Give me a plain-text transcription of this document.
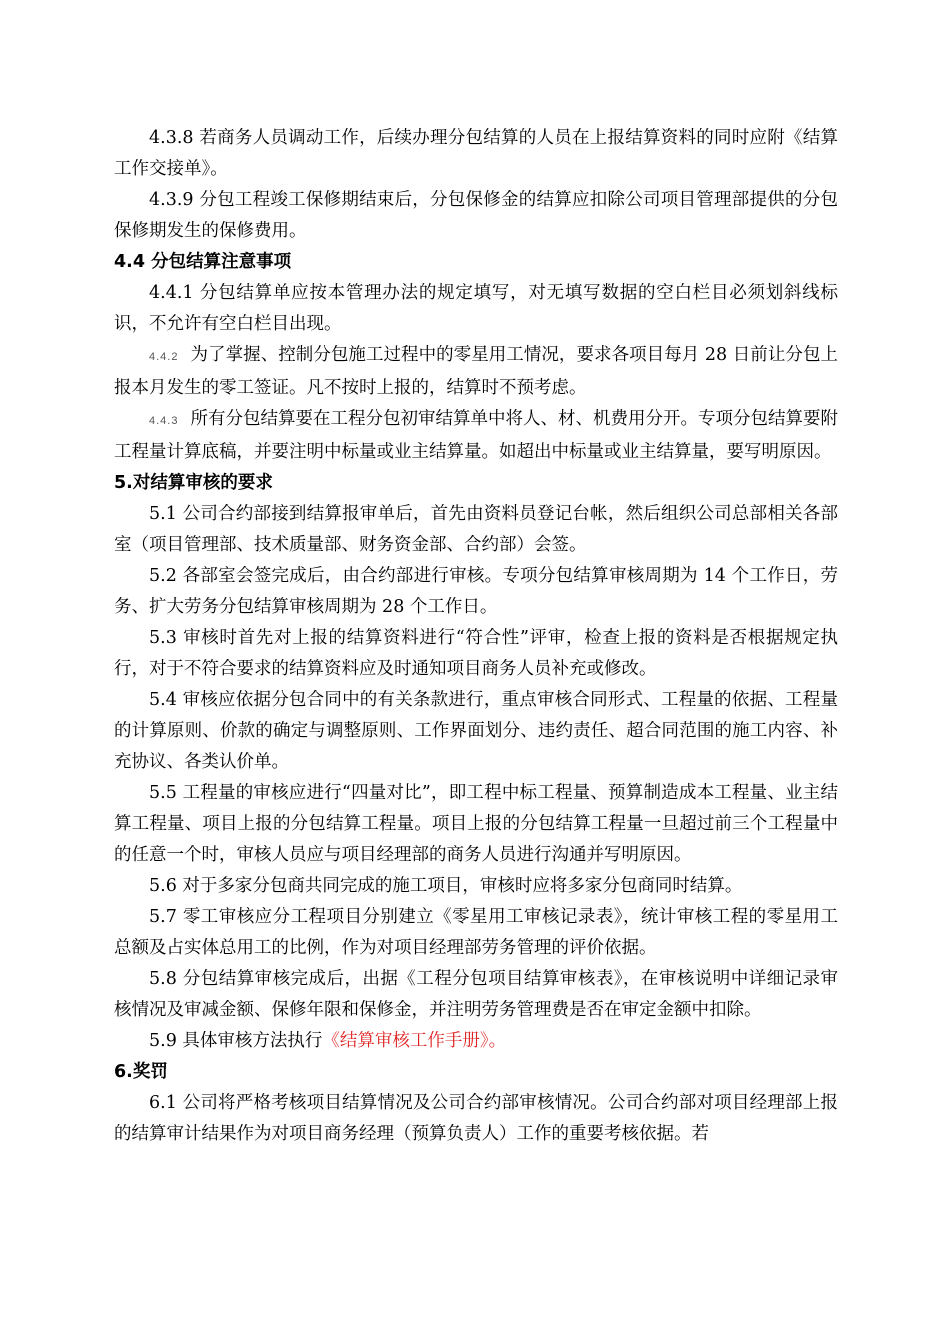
4.3.8 若商务人员调动工作，后续办理分包结算的人员在上报结算资料的同时应附《结算工作交接单》。

4.3.9 分包工程竣工保修期结束后，分包保修金的结算应扣除公司项目管理部提供的分包保修期发生的保修费用。

4.4 分包结算注意事项

4.4.1 分包结算单应按本管理办法的规定填写，对无填写数据的空白栏目必须划斜线标识，不允许有空白栏目出现。

4.4.2 为了掌握、控制分包施工过程中的零星用工情况，要求各项目每月 28 日前让分包上报本月发生的零工签证。凡不按时上报的，结算时不预考虑。

4.4.3 所有分包结算要在工程分包初审结算单中将人、材、机费用分开。专项分包结算要附工程量计算底稿，并要注明中标量或业主结算量。如超出中标量或业主结算量，要写明原因。

5.对结算审核的要求

5.1 公司合约部接到结算报审单后，首先由资料员登记台帐，然后组织公司总部相关各部室（项目管理部、技术质量部、财务资金部、合约部）会签。

5.2 各部室会签完成后，由合约部进行审核。专项分包结算审核周期为 14 个工作日，劳务、扩大劳务分包结算审核周期为 28 个工作日。

5.3 审核时首先对上报的结算资料进行“符合性”评审，检查上报的资料是否根据规定执行，对于不符合要求的结算资料应及时通知项目商务人员补充或修改。

5.4 审核应依据分包合同中的有关条款进行，重点审核合同形式、工程量的依据、工程量的计算原则、价款的确定与调整原则、工作界面划分、违约责任、超合同范围的施工内容、补充协议、各类认价单。

5.5 工程量的审核应进行“四量对比”，即工程中标工程量、预算制造成本工程量、业主结算工程量、项目上报的分包结算工程量。项目上报的分包结算工程量一旦超过前三个工程量中的任意一个时，审核人员应与项目经理部的商务人员进行沟通并写明原因。

5.6 对于多家分包商共同完成的施工项目，审核时应将多家分包商同时结算。

5.7 零工审核应分工程项目分别建立《零星用工审核记录表》，统计审核工程的零星用工总额及占实体总用工的比例，作为对项目经理部劳务管理的评价依据。

5.8 分包结算审核完成后，出据《工程分包项目结算审核表》，在审核说明中详细记录审核情况及审减金额、保修年限和保修金，并注明劳务管理费是否在审定金额中扣除。

5.9 具体审核方法执行《结算审核工作手册》。

6.奖罚

6.1 公司将严格考核项目结算情况及公司合约部审核情况。公司合约部对项目经理部上报的结算审计结果作为对项目商务经理（预算负责人）工作的重要考核依据。若
